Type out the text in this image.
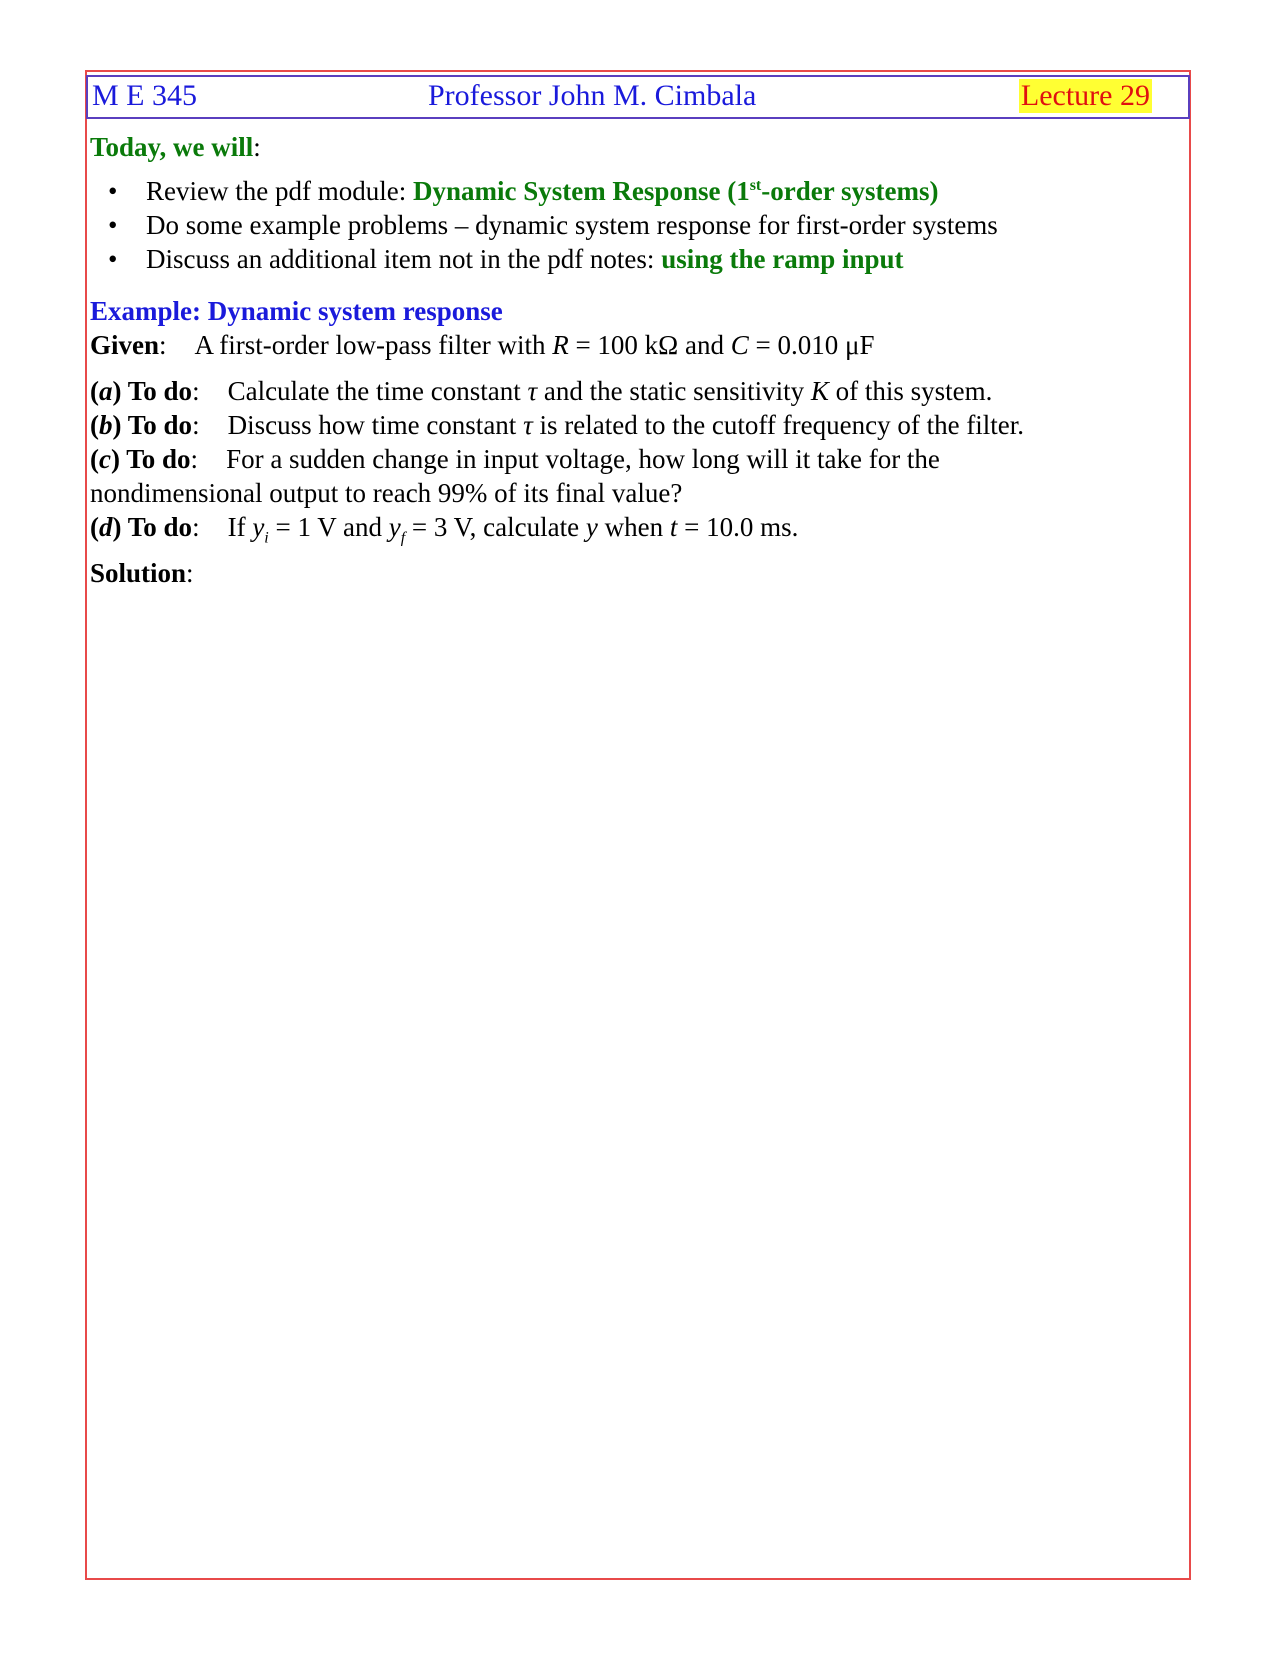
M E 345	Professor John M. Cimbala	Lecture 29
Today, we will:
• Review the pdf module: Dynamic System Response (1st-order systems)
• Do some example problems – dynamic system response for first-order systems
• Discuss an additional item not in the pdf notes: using the ramp input
Example: Dynamic system response
Given: A first-order low-pass filter with R = 100 kΩ and C = 0.010 μF
(a) To do: Calculate the time constant τ and the static sensitivity K of this system.
(b) To do: Discuss how time constant τ is related to the cutoff frequency of the filter.
(c) To do: For a sudden change in input voltage, how long will it take for the
nondimensional output to reach 99% of its final value?
(d) To do: If $y_i = 1$ V and $y_f = 3$ V, calculate y when t = 10.0 ms.
Solution:
